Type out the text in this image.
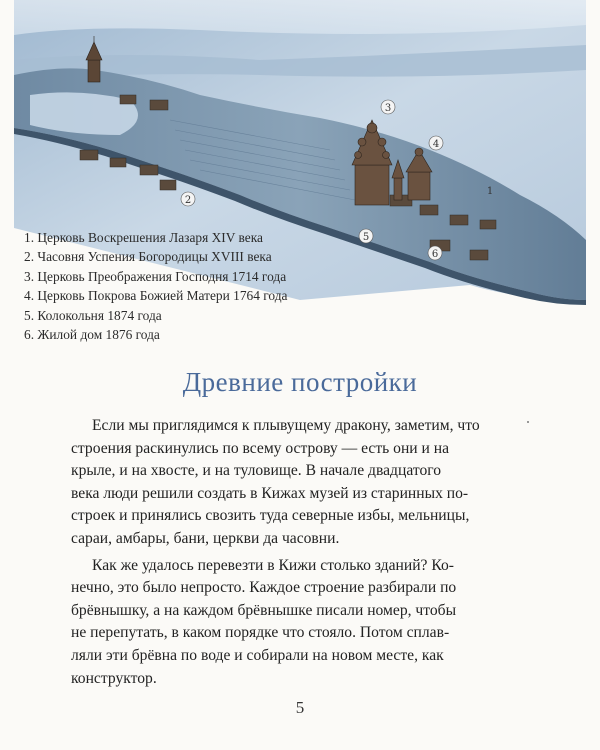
3
4
1
2
5
6
1. Церковь Воскрешения Лазаря XIV века
2. Часовня Успения Богородицы XVIII века
3. Церковь Преображения Господня 1714 года
4. Церковь Покрова Божией Матери 1764 года
5. Колокольня 1874 года
6. Жилой дом 1876 года
Древние постройки
Если мы приглядимся к плывущему дракону, заметим, что
строения раскинулись по всему острову — есть они и на
крыле, и на хвосте, и на туловище. В начале двадцатого
века люди решили создать в Кижах музей из старинных по-
строек и принялись свозить туда северные избы, мельницы,
сараи, амбары, бани, церкви да часовни.
Как же удалось перевезти в Кижи столько зданий? Ко-
нечно, это было непросто. Каждое строение разбирали по
брёвнышку, а на каждом брёвнышке писали номер, чтобы
не перепутать, в каком порядке что стояло. Потом сплав-
ляли эти брёвна по воде и собирали на новом месте, как
конструктор.
5
